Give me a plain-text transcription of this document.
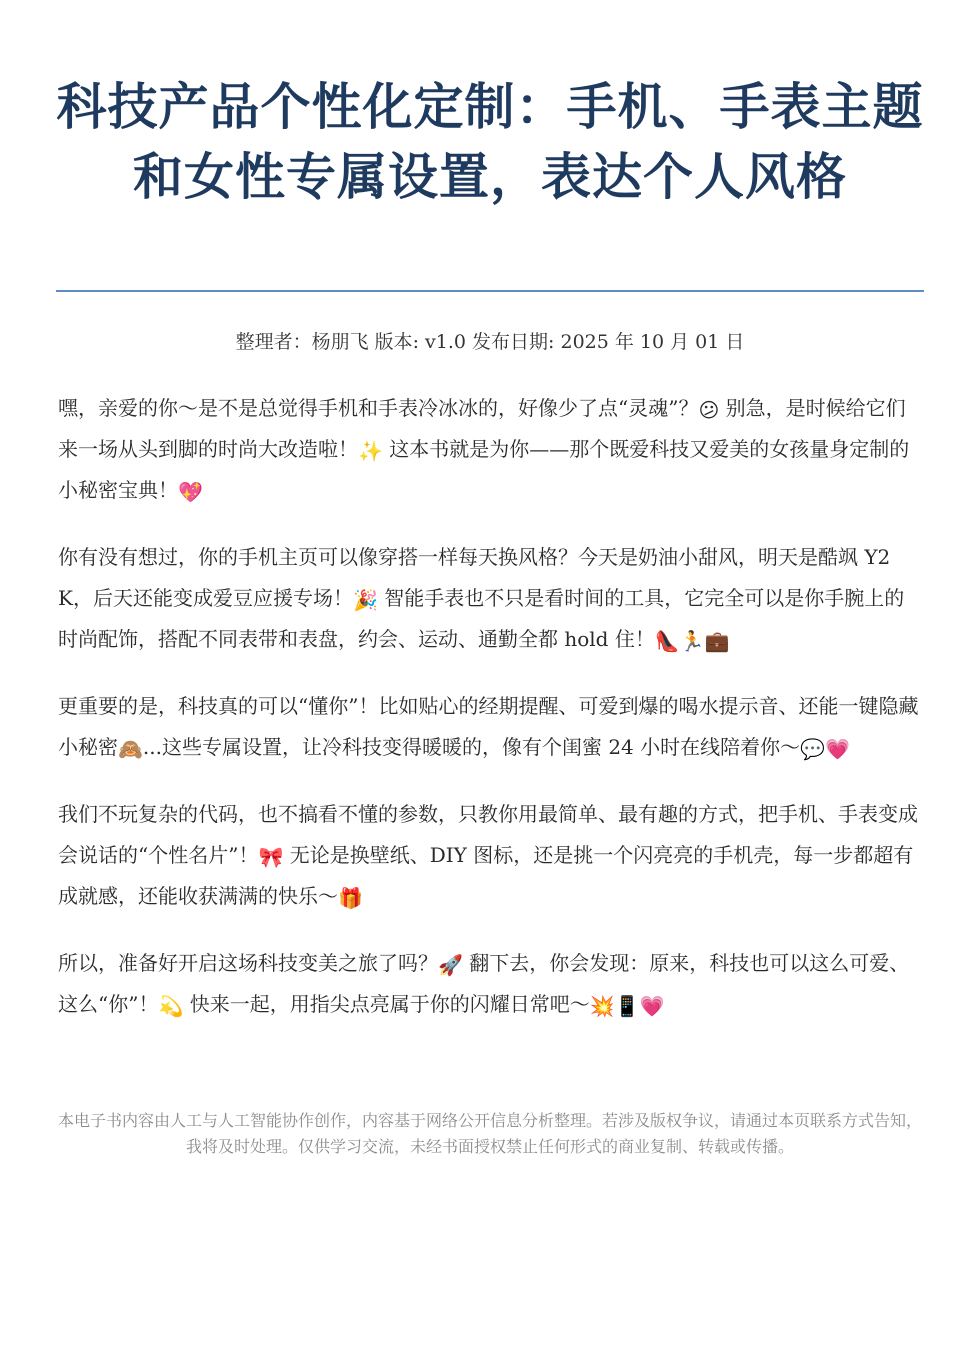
科技产品个性化定制：手机、手表主题和女性专属设置，表达个人风格
整理者：杨朋飞 版本: v1.0 发布日期: 2025 年 10 月 01 日

嘿，亲爱的你～是不是总觉得手机和手表冷冰冰的，好像少了点“灵魂”？😕 别急，是时候给它们来一场从头到脚的时尚大改造啦！✨ 这本书就是为你——那个既爱科技又爱美的女孩量身定制的小秘密宝典！💖

你有没有想过，你的手机主页可以像穿搭一样每天换风格？今天是奶油小甜风，明天是酷飒 Y2K，后天还能变成爱豆应援专场！🎉 智能手表也不只是看时间的工具，它完全可以是你手腕上的时尚配饰，搭配不同表带和表盘，约会、运动、通勤全都 hold 住！👠🏃💼

更重要的是，科技真的可以“懂你”！比如贴心的经期提醒、可爱到爆的喝水提示音、还能一键隐藏小秘密🙈...这些专属设置，让冷科技变得暖暖的，像有个闺蜜 24 小时在线陪着你～💬💗

我们不玩复杂的代码，也不搞看不懂的参数，只教你用最简单、最有趣的方式，把手机、手表变成会说话的“个性名片”！🎀 无论是换壁纸、DIY 图标，还是挑一个闪亮亮的手机壳，每一步都超有成就感，还能收获满满的快乐～🎁

所以，准备好开启这场科技变美之旅了吗？🚀 翻下去，你会发现：原来，科技也可以这么可爱、这么“你”！💫 快来一起，用指尖点亮属于你的闪耀日常吧～💥📱💗

本电子书内容由人工与人工智能协作创作，内容基于网络公开信息分析整理。若涉及版权争议，请通过本页联系方式告知，我将及时处理。仅供学习交流，未经书面授权禁止任何形式的商业复制、转载或传播。
